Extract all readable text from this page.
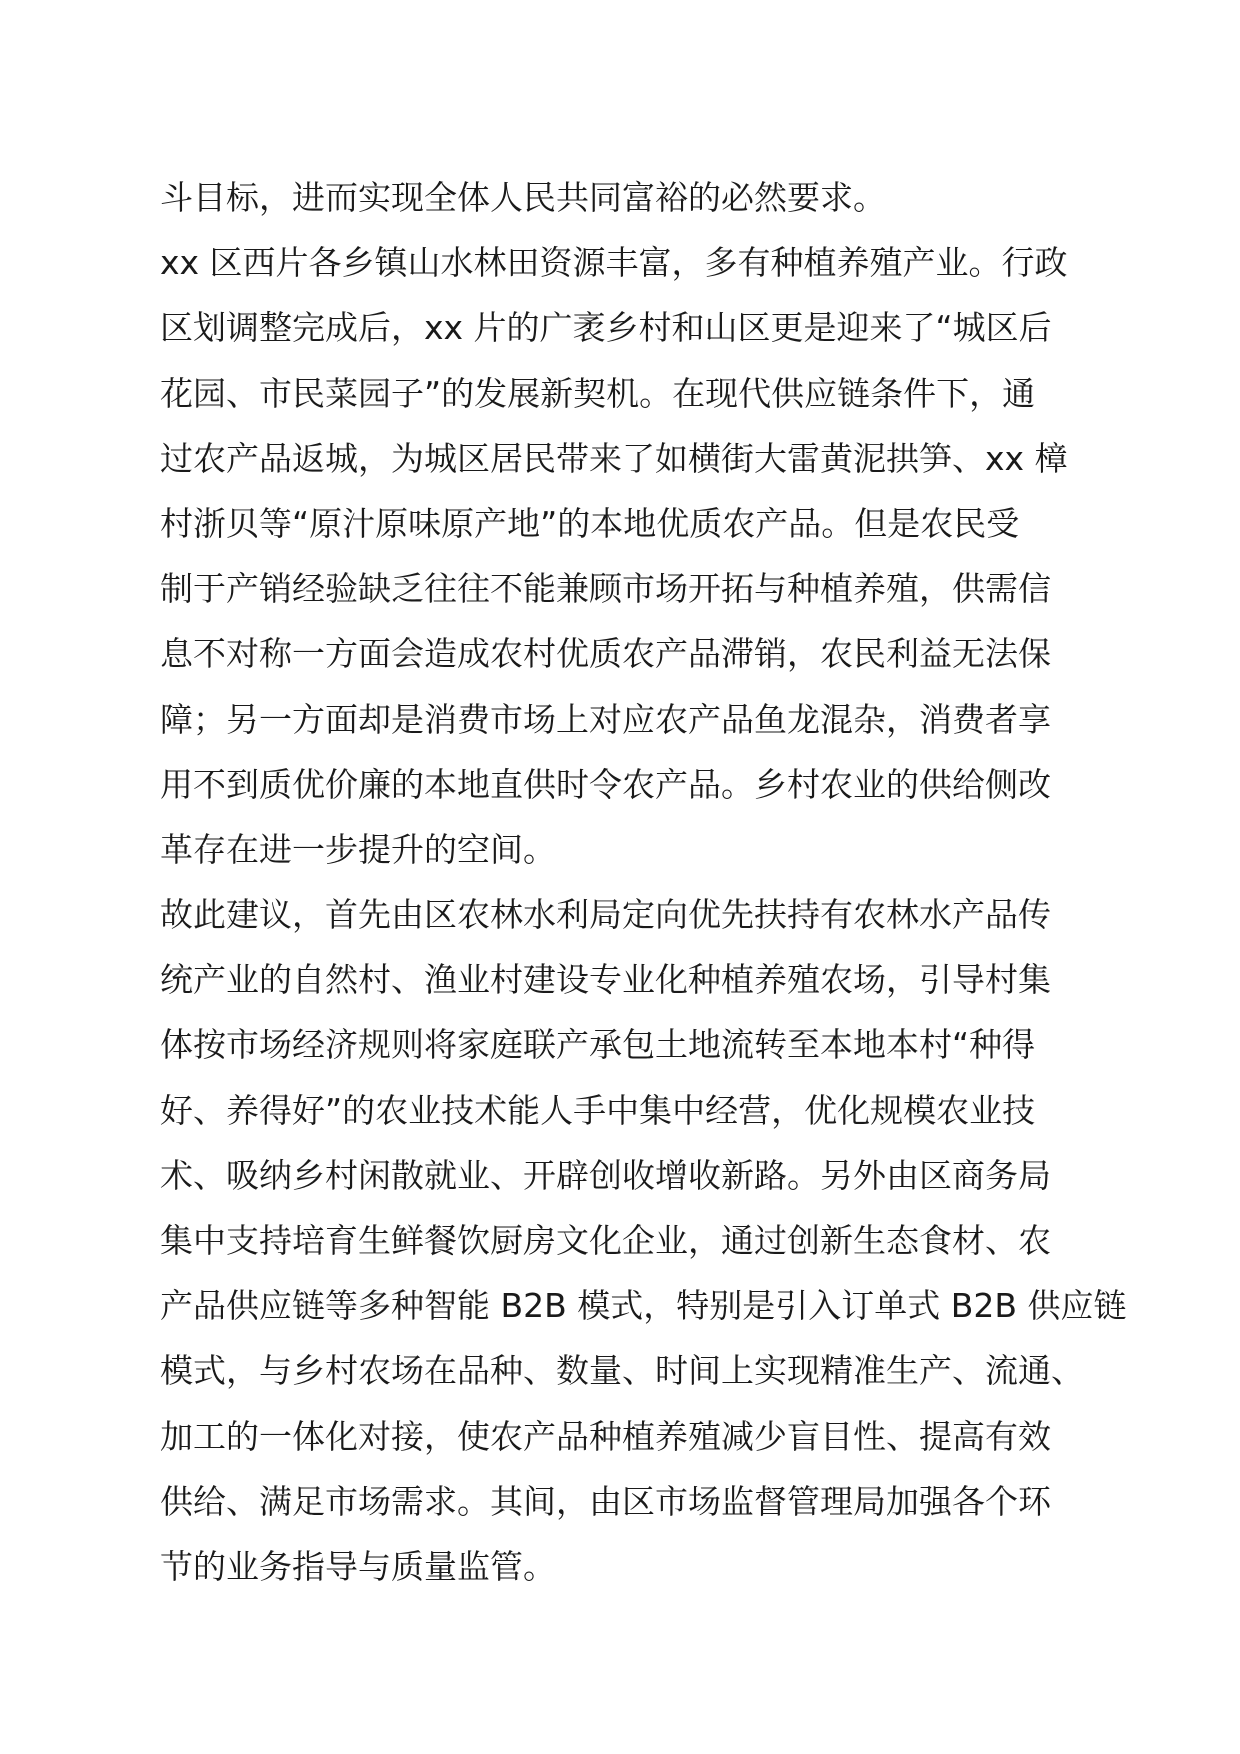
斗目标，进而实现全体人民共同富裕的必然要求。
xx 区西片各乡镇山水林田资源丰富，多有种植养殖产业。行政
区划调整完成后，xx 片的广袤乡村和山区更是迎来了“城区后
花园、市民菜园子”的发展新契机。在现代供应链条件下，通
过农产品返城，为城区居民带来了如横街大雷黄泥拱笋、xx 樟
村浙贝等“原汁原味原产地”的本地优质农产品。但是农民受
制于产销经验缺乏往往不能兼顾市场开拓与种植养殖，供需信
息不对称一方面会造成农村优质农产品滞销，农民利益无法保
障；另一方面却是消费市场上对应农产品鱼龙混杂，消费者享
用不到质优价廉的本地直供时令农产品。乡村农业的供给侧改
革存在进一步提升的空间。
故此建议，首先由区农林水利局定向优先扶持有农林水产品传
统产业的自然村、渔业村建设专业化种植养殖农场，引导村集
体按市场经济规则将家庭联产承包土地流转至本地本村“种得
好、养得好”的农业技术能人手中集中经营，优化规模农业技
术、吸纳乡村闲散就业、开辟创收增收新路。另外由区商务局
集中支持培育生鲜餐饮厨房文化企业，通过创新生态食材、农
产品供应链等多种智能 B2B 模式，特别是引入订单式 B2B 供应链
模式，与乡村农场在品种、数量、时间上实现精准生产、流通、
加工的一体化对接，使农产品种植养殖减少盲目性、提高有效
供给、满足市场需求。其间，由区市场监督管理局加强各个环
节的业务指导与质量监管。
